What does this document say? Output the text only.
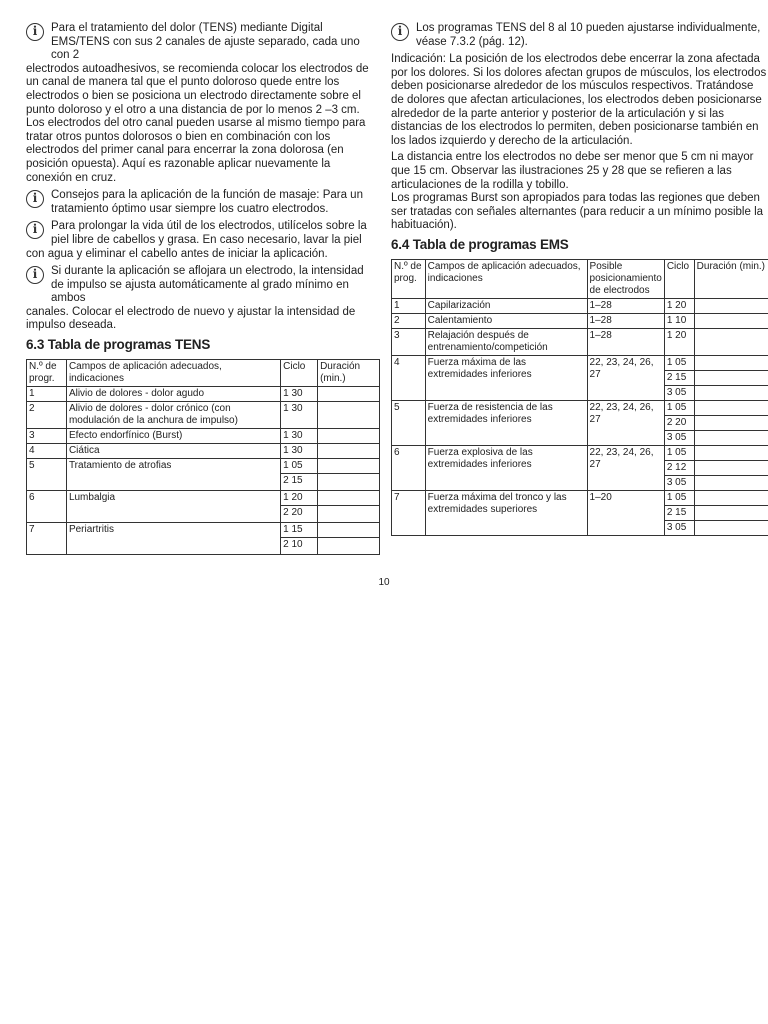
i	Para el tratamiento del dolor (TENS) mediante Digital EMS/TENS con sus 2 canales de ajuste separado, cada uno con 2
electrodos autoadhesivos, se recomienda colocar los electrodos de un canal de manera tal que el punto doloroso quede entre los electrodos o bien se posiciona un electrodo directamente sobre el punto doloroso y el otro a una distancia de por lo menos 2 –3 cm. Los electrodos del otro canal pueden usarse al mismo tiempo para tratar otros puntos dolorosos o bien en combinación con los electrodos del primer canal para encerrar la zona dolorosa (en posición opuesta). Aquí es razonable aplicar nuevamente la conexión en cruz.
i	Consejos para la aplicación de la función de masaje: Para un tratamiento óptimo usar siempre los cuatro electrodos.
i	Para prolongar la vida útil de los electrodos, utilícelos sobre la piel libre de cabellos y grasa. En caso necesario, lavar la piel
con agua y eliminar el cabello antes de iniciar la aplicación.
i	Si durante la aplicación se aflojara un electrodo, la intensidad de impulso se ajusta automáticamente al grado mínimo en ambos
canales. Colocar el electrodo de nuevo y ajustar la intensidad de impulso deseada.
6.3 Tabla de programas TENS
N.º de progr.	Campos de aplicación adecuados, indicaciones	Ciclo	Duración (min.)
1	Alivio de dolores - dolor agudo	1 30	
2	Alivio de dolores - dolor crónico (con modulación de la anchura de impulso)	1 30	
3	Efecto endorfínico (Burst)	1 30	
4	Ciática	1 30	
5	Tratamiento de atrofias	1 05	
		2 15	
6	Lumbalgia	1 20	
		2 20	
7	Periartritis	1 15	
		2 10	
i	Los programas TENS del 8 al 10 pueden ajustarse individualmente, véase 7.3.2 (pág. 12).

Indicación: La posición de los electrodos debe encerrar la zona afectada por los dolores. Si los dolores afectan grupos de músculos, los electrodos deben posicionarse alrededor de los músculos respectivos. Tratándose de dolores que afectan articulaciones, los electrodos deben posicionarse alrededor de la parte anterior y posterior de la articulación y si las distancias de los electrodos lo permiten, deben posicionarse también en los lados izquierdo y derecho de la articulación.

La distancia entre los electrodos no debe ser menor que 5 cm ni mayor que 15 cm. Observar las ilustraciones 25 y 28 que se refieren a las articulaciones de la rodilla y tobillo.

Los programas Burst son apropiados para todas las regiones que deben ser tratadas con señales alternantes (para reducir a un mínimo posible la habituación).

6.4 Tabla de programas EMS
N.º de prog.	Campos de aplicación adecuados, indicaciones	Posible posicionamiento de electrodos	Ciclo	Duración (min.)
1	Capilarización	1–28	1 20	
2	Calentamiento	1–28	1 10	
3	Relajación después de entrenamiento/competición	1–28	1 20	
4	Fuerza máxima de las extremidades inferiores	22, 23, 24, 26, 27	1 05	
			2 15	
			3 05	
5	Fuerza de resistencia de las extremidades inferiores	22, 23, 24, 26, 27	1 05	
			2 20	
			3 05	
6	Fuerza explosiva de las extremidades inferiores	22, 23, 24, 26, 27	1 05	
			2 12	
			3 05	
7	Fuerza máxima del tronco y las extremidades superiores	1–20	1 05	
			2 15	
			3 05	
10
